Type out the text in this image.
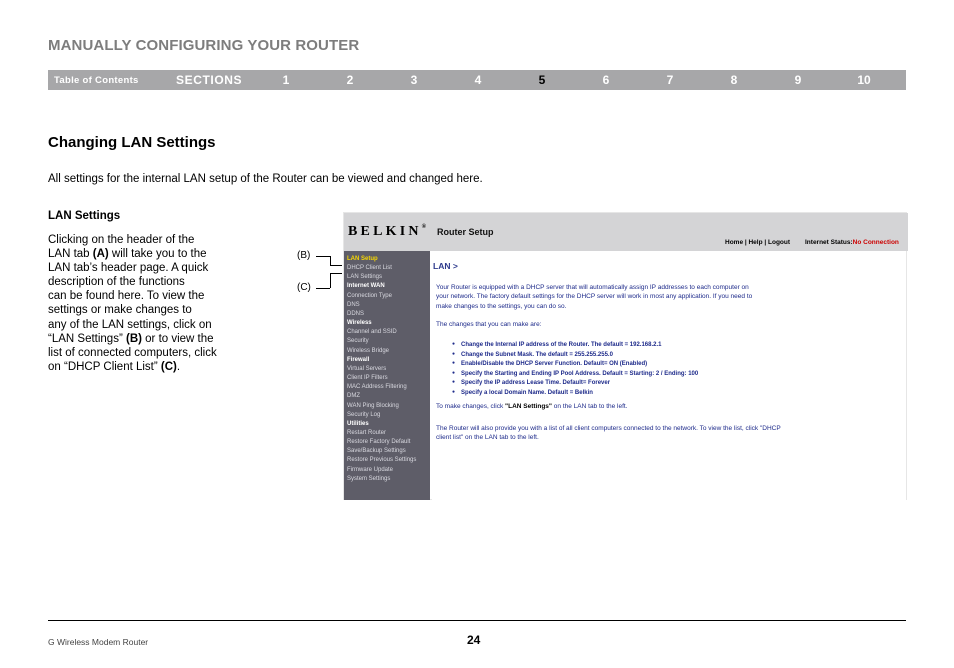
MANUALLY CONFIGURING YOUR ROUTER
Table of Contents	SECTIONS	1	2	3	4	5	6	7	8	9	10
Changing LAN Settings
All settings for the internal LAN setup of the Router can be viewed and changed here.
LAN Settings
Clicking on the header of the
LAN tab (A) will take you to the
LAN tab’s header page. A quick
description of the functions
can be found here. To view the
settings or make changes to
any of the LAN settings, click on
“LAN Settings” (B) or to view the
list of connected computers, click
on “DHCP Client List” (C).
(B)
(C)
BELKIN® Router Setup
Home | Help | Logout Internet Status:No Connection
LAN Setup
DHCP Client List
LAN Settings
Internet WAN
Connection Type
DNS
DDNS
Wireless
Channel and SSID
Security
Wireless Bridge
Firewall
Virtual Servers
Client IP Filters
MAC Address Filtering
DMZ
WAN Ping Blocking
Security Log
Utilities
Restart Router
Restore Factory Default
Save/Backup Settings
Restore Previous Settings
Firmware Update
System Settings
LAN >
Your Router is equipped with a DHCP server that will automatically assign IP addresses to each computer on
your network. The factory default settings for the DHCP server will work in most any application. If you need to
make changes to the settings, you can do so.
The changes that you can make are:
● Change the Internal IP address of the Router. The default = 192.168.2.1
● Change the Subnet Mask. The default = 255.255.255.0
● Enable/Disable the DHCP Server Function. Default= ON (Enabled)
● Specify the Starting and Ending IP Pool Address. Default = Starting: 2 / Ending: 100
● Specify the IP address Lease Time. Default= Forever
● Specify a local Domain Name. Default = Belkin
To make changes, click "LAN Settings" on the LAN tab to the left.
The Router will also provide you with a list of all client computers connected to the network. To view the list, click "DHCP
client list" on the LAN tab to the left.
G Wireless Modem Router	24
